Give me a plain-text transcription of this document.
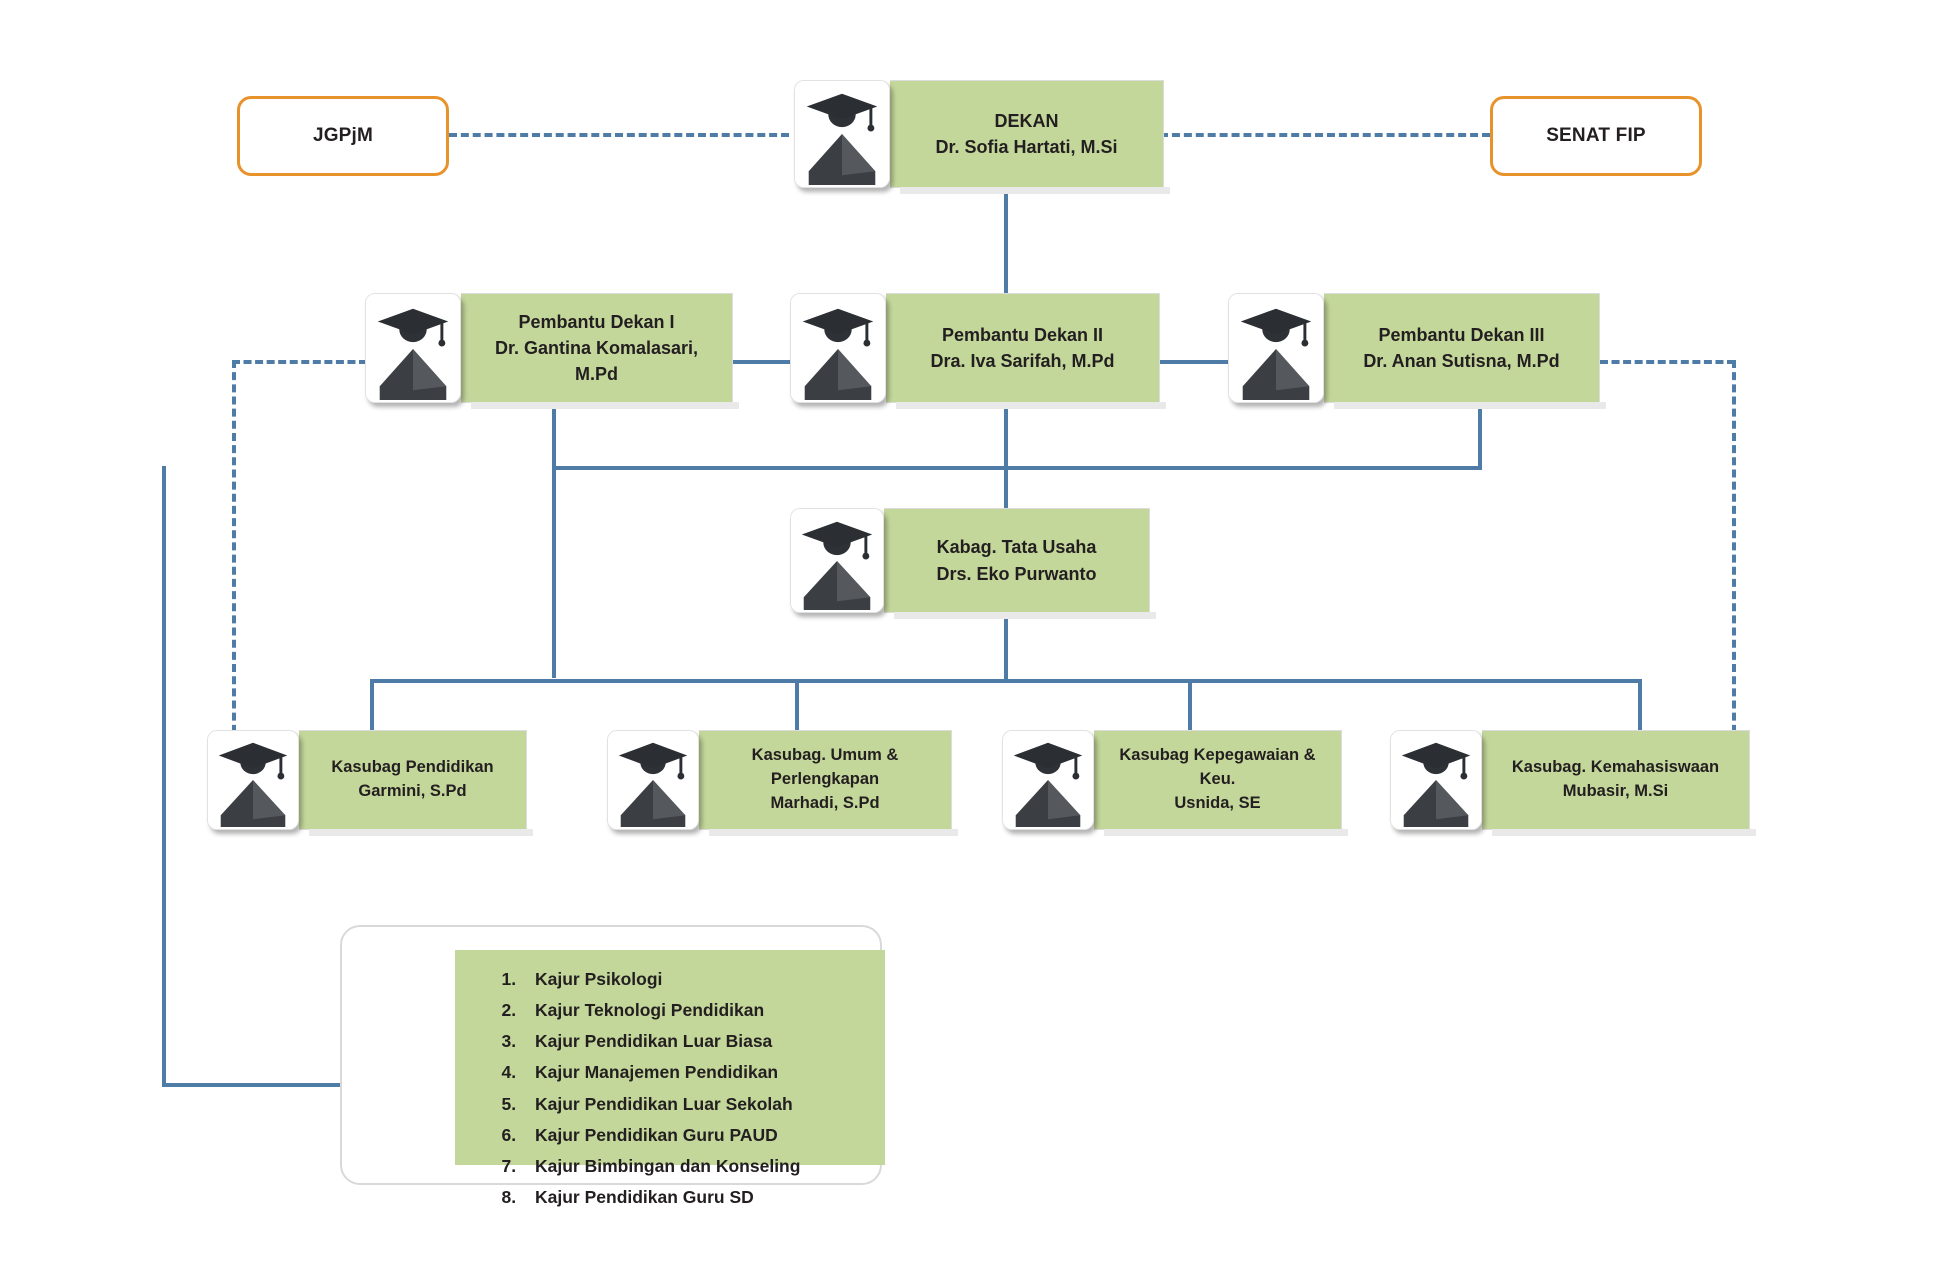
JGPjM	SENAT FIP
DEKAN
Dr. Sofia Hartati, M.Si
Pembantu Dekan I
Dr. Gantina Komalasari, M.Pd
Pembantu Dekan II
Dra. Iva Sarifah, M.Pd
Pembantu Dekan III
Dr. Anan Sutisna, M.Pd
Kabag. Tata Usaha
Drs. Eko Purwanto
Kasubag Pendidikan
Garmini, S.Pd
Kasubag. Umum & Perlengkapan
Marhadi, S.Pd
Kasubag Kepegawaian & Keu.
Usnida, SE
Kasubag. Kemahasiswaan
Mubasir, M.Si
1. Kajur Psikologi
2. Kajur Teknologi Pendidikan
3. Kajur Pendidikan Luar Biasa
4. Kajur Manajemen Pendidikan
5. Kajur Pendidikan Luar Sekolah
6. Kajur Pendidikan Guru PAUD
7. Kajur Bimbingan dan Konseling
8. Kajur Pendidikan Guru SD
